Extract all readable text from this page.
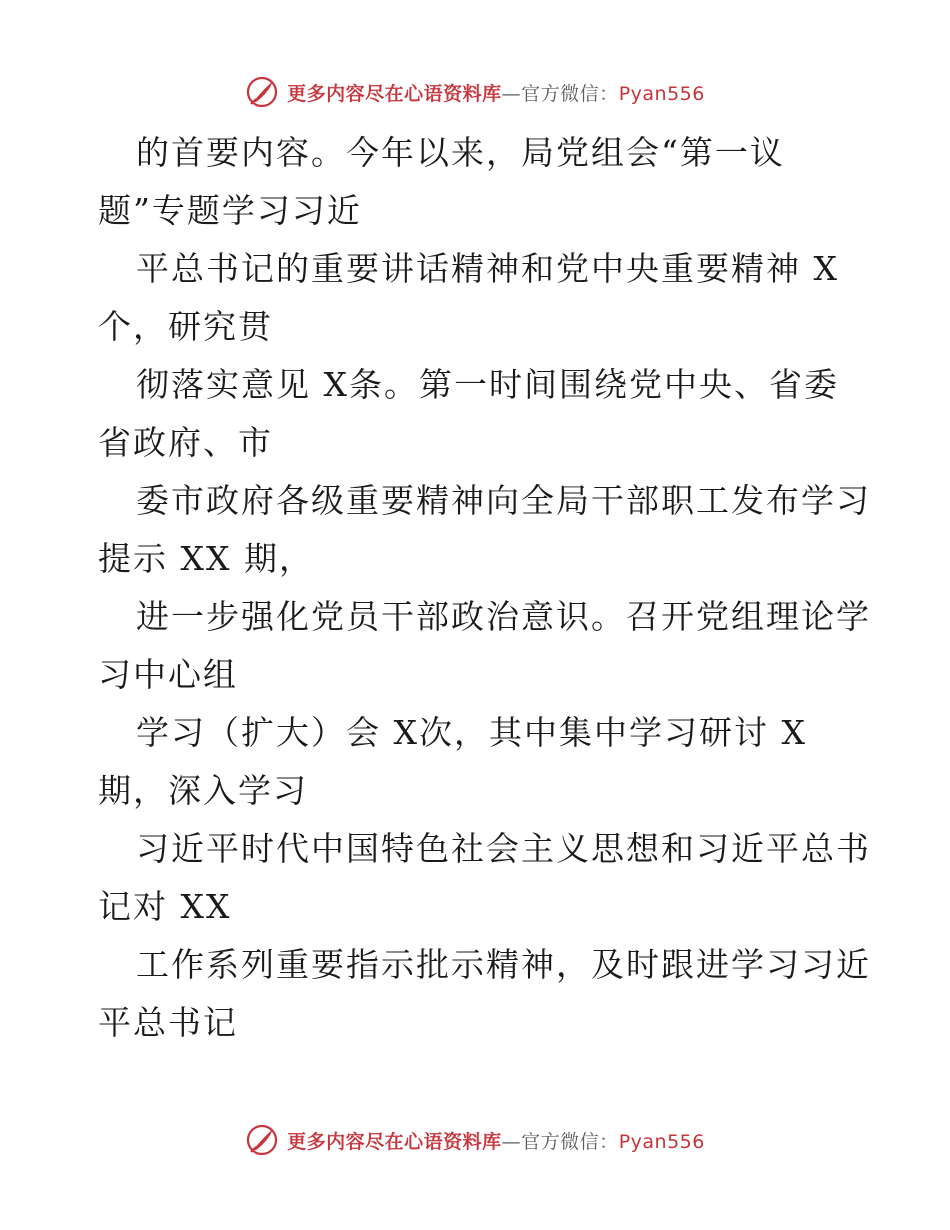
更多内容尽在心语资料库—官方微信：Pyan556
的首要内容。今年以来，局党组会“第一议
题”专题学习习近
平总书记的重要讲话精神和党中央重要精神 X
个，研究贯
彻落实意见 X条。第一时间围绕党中央、省委
省政府、市
委市政府各级重要精神向全局干部职工发布学习
提示 XX 期，
进一步强化党员干部政治意识。召开党组理论学
习中心组
学习（扩大）会 X次，其中集中学习研讨 X
期，深入学习
习近平时代中国特色社会主义思想和习近平总书
记对 XX
工作系列重要指示批示精神，及时跟进学习习近
平总书记
更多内容尽在心语资料库—官方微信：Pyan556
